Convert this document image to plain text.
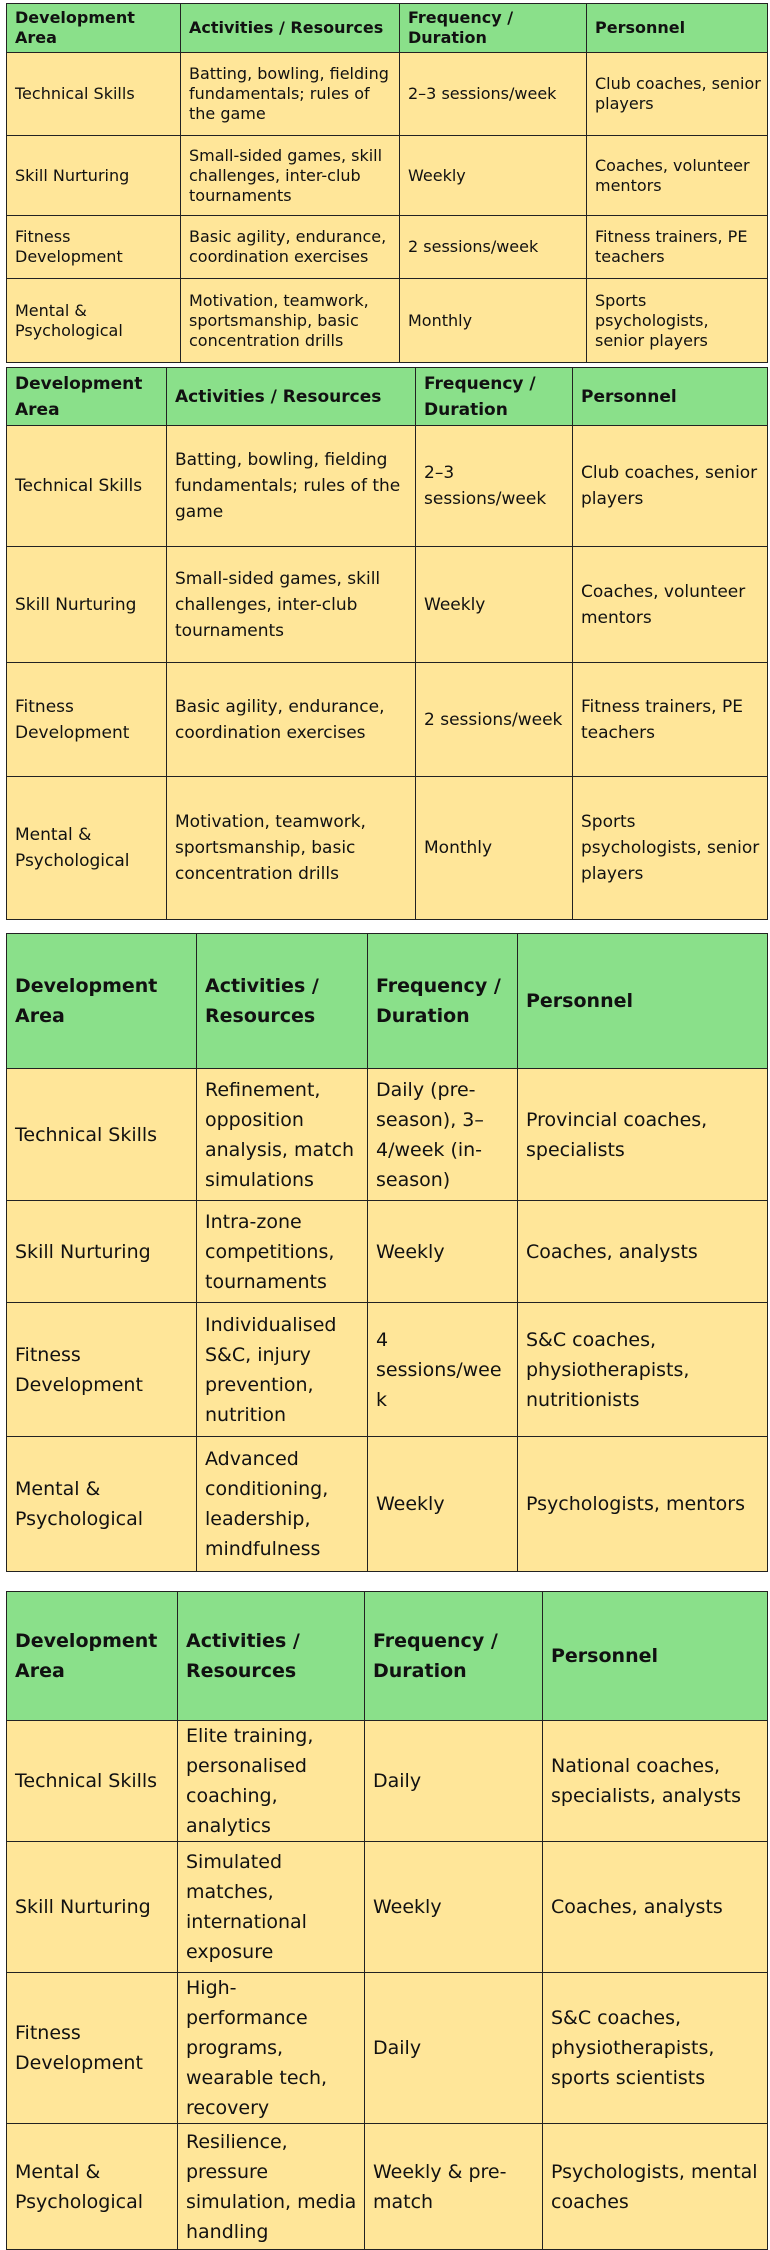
Development Area	Activities / Resources	Frequency / Duration	Personnel
Technical Skills	Batting, bowling, fielding fundamentals; rules of the game	2–3 sessions/week	Club coaches, senior players
Skill Nurturing	Small-sided games, skill challenges, inter-club tournaments	Weekly	Coaches, volunteer mentors
Fitness Development	Basic agility, endurance, coordination exercises	2 sessions/week	Fitness trainers, PE teachers
Mental & Psychological	Motivation, teamwork, sportsmanship, basic concentration drills	Monthly	Sports psychologists, senior players
Development Area	Activities / Resources	Frequency / Duration	Personnel
Technical Skills	Batting, bowling, fielding fundamentals; rules of the game	2–3 sessions/week	Club coaches, senior players
Skill Nurturing	Small-sided games, skill challenges, inter-club tournaments	Weekly	Coaches, volunteer mentors
Fitness Development	Basic agility, endurance, coordination exercises	2 sessions/week	Fitness trainers, PE teachers
Mental & Psychological	Motivation, teamwork, sportsmanship, basic concentration drills	Monthly	Sports psychologists, senior players
Development Area	Activities / Resources	Frequency / Duration	Personnel
Technical Skills	Refinement, opposition analysis, match simulations	Daily (pre-season), 3–4/week (in-season)	Provincial coaches, specialists
Skill Nurturing	Intra-zone competitions, tournaments	Weekly	Coaches, analysts
Fitness Development	Individualised S&C, injury prevention, nutrition	4 sessions/week	S&C coaches, physiotherapists, nutritionists
Mental & Psychological	Advanced conditioning, leadership, mindfulness	Weekly	Psychologists, mentors
Development Area	Activities / Resources	Frequency / Duration	Personnel
Technical Skills	Elite training, personalised coaching, analytics	Daily	National coaches, specialists, analysts
Skill Nurturing	Simulated matches, international exposure	Weekly	Coaches, analysts
Fitness Development	High-performance programs, wearable tech, recovery	Daily	S&C coaches, physiotherapists, sports scientists
Mental & Psychological	Resilience, pressure simulation, media handling	Weekly & pre-match	Psychologists, mental coaches
